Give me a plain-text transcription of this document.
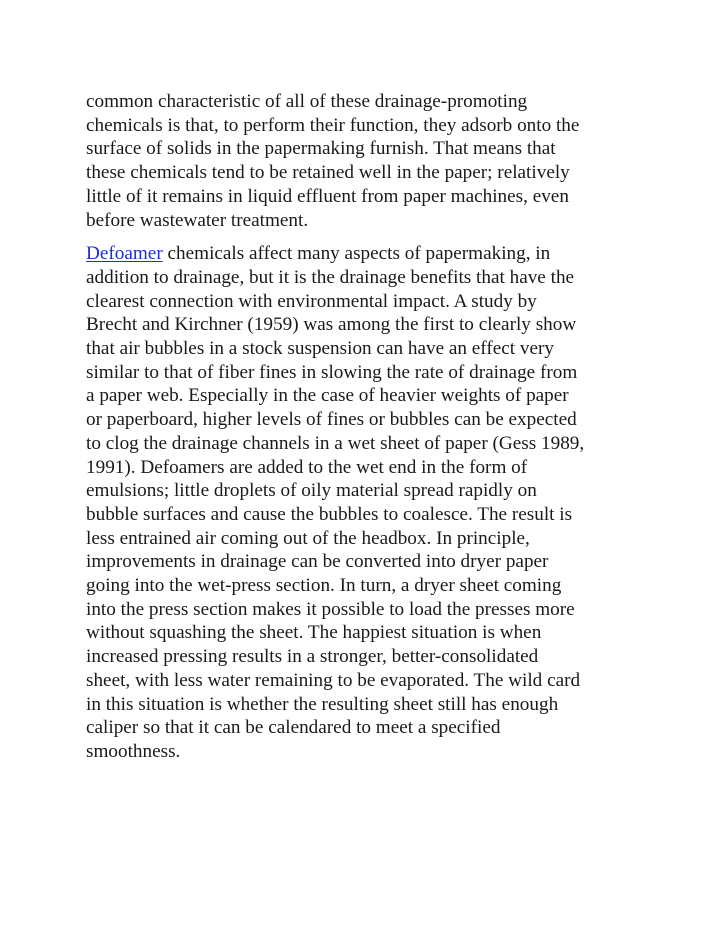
common characteristic of all of these drainage-promoting
chemicals is that, to perform their function, they adsorb onto the
surface of solids in the papermaking furnish. That means that
these chemicals tend to be retained well in the paper; relatively
little of it remains in liquid effluent from paper machines, even
before wastewater treatment.

Defoamer chemicals affect many aspects of papermaking, in
addition to drainage, but it is the drainage benefits that have the
clearest connection with environmental impact. A study by
Brecht and Kirchner (1959) was among the first to clearly show
that air bubbles in a stock suspension can have an effect very
similar to that of fiber fines in slowing the rate of drainage from
a paper web. Especially in the case of heavier weights of paper
or paperboard, higher levels of fines or bubbles can be expected
to clog the drainage channels in a wet sheet of paper (Gess 1989,
1991). Defoamers are added to the wet end in the form of
emulsions; little droplets of oily material spread rapidly on
bubble surfaces and cause the bubbles to coalesce. The result is
less entrained air coming out of the headbox. In principle,
improvements in drainage can be converted into dryer paper
going into the wet-press section. In turn, a dryer sheet coming
into the press section makes it possible to load the presses more
without squashing the sheet. The happiest situation is when
increased pressing results in a stronger, better-consolidated
sheet, with less water remaining to be evaporated. The wild card
in this situation is whether the resulting sheet still has enough
caliper so that it can be calendared to meet a specified
smoothness.
